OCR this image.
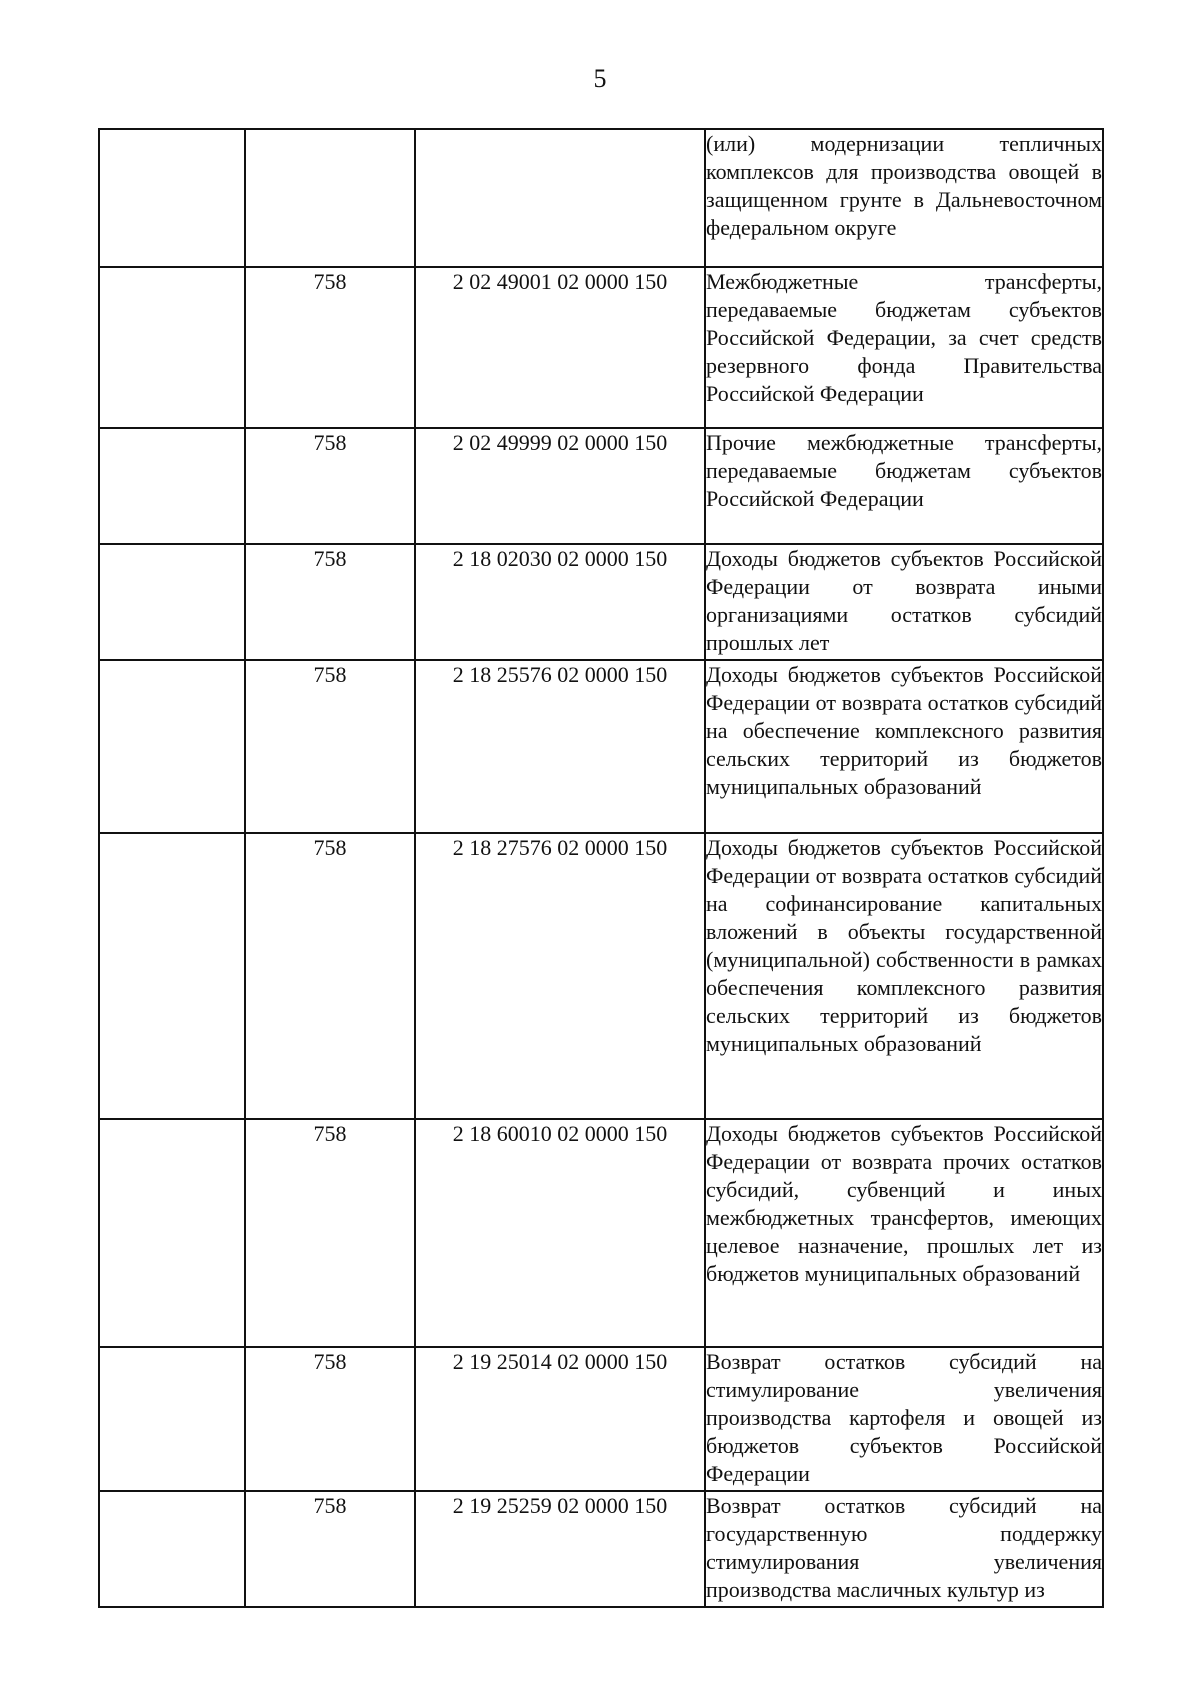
5
			(или) модернизации тепличных комплексов для производства овощей в защищенном грунте в Дальневосточном федеральном округе
	758	2 02 49001 02 0000 150	Межбюджетные трансферты, передаваемые бюджетам субъектов Российской Федерации, за счет средств резервного фонда Правительства Российской Федерации
	758	2 02 49999 02 0000 150	Прочие межбюджетные трансферты, передаваемые бюджетам субъектов Российской Федерации
	758	2 18 02030 02 0000 150	Доходы бюджетов субъектов Российской Федерации от возврата иными организациями остатков субсидий прошлых лет
	758	2 18 25576 02 0000 150	Доходы бюджетов субъектов Российской Федерации от возврата остатков субсидий на обеспечение комплексного развития сельских территорий из бюджетов муниципальных образований
	758	2 18 27576 02 0000 150	Доходы бюджетов субъектов Российской Федерации от возврата остатков субсидий на софинансирование капитальных вложений в объекты государственной (муниципальной) собственности в рамках обеспечения комплексного развития сельских территорий из бюджетов муниципальных образований
	758	2 18 60010 02 0000 150	Доходы бюджетов субъектов Российской Федерации от возврата прочих остатков субсидий, субвенций и иных межбюджетных трансфертов, имеющих целевое назначение, прошлых лет из бюджетов муниципальных образований
	758	2 19 25014 02 0000 150	Возврат остатков субсидий на стимулирование увеличения производства картофеля и овощей из бюджетов субъектов Российской Федерации
	758	2 19 25259 02 0000 150	Возврат остатков субсидий на государственную поддержку стимулирования увеличения производства масличных культур из
